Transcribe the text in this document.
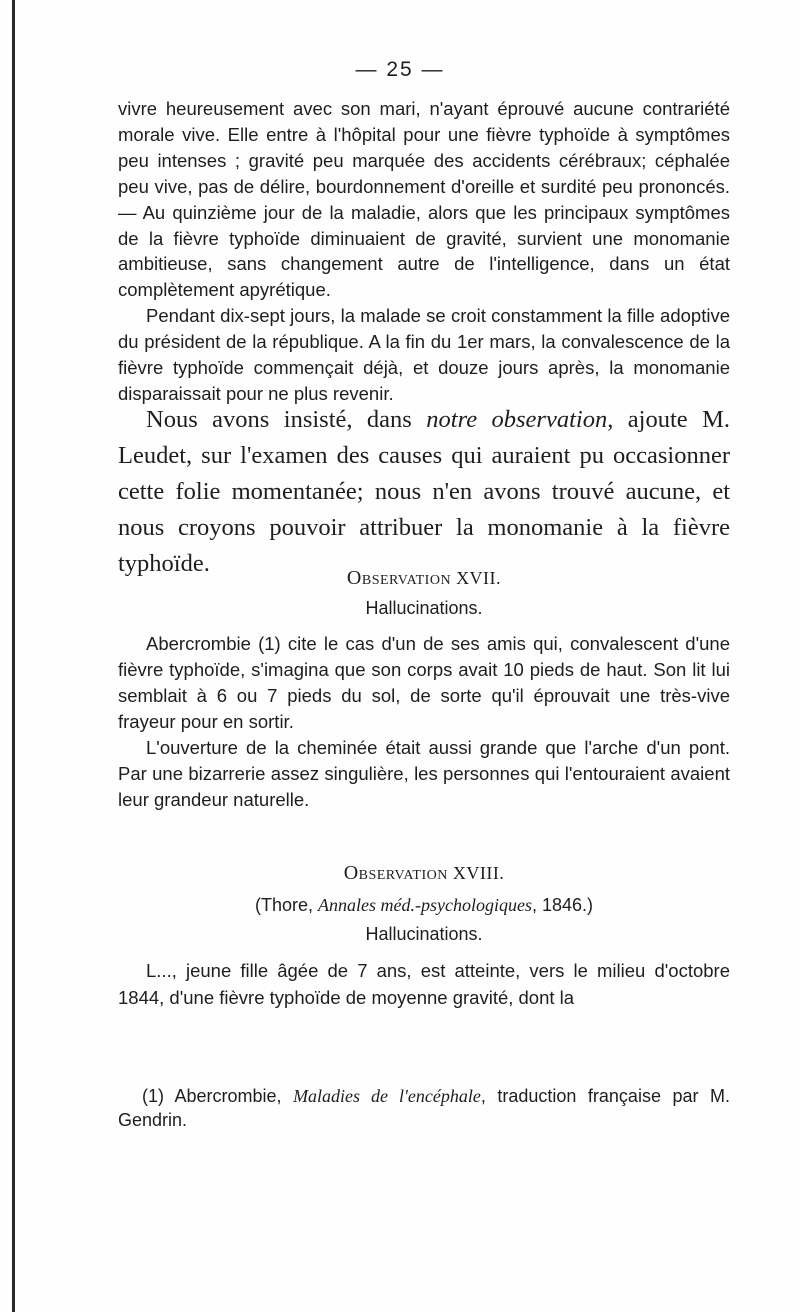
— 25 —

vivre heureusement avec son mari, n'ayant éprouvé aucune contrariété morale vive. Elle entre à l'hôpital pour une fièvre typhoïde à symptômes peu intenses ; gravité peu marquée des accidents cérébraux; céphalée peu vive, pas de délire, bourdonnement d'oreille et surdité peu prononcés. — Au quinzième jour de la maladie, alors que les principaux symptômes de la fièvre typhoïde diminuaient de gravité, survient une monomanie ambitieuse, sans changement autre de l'intelligence, dans un état complètement apyrétique.

Pendant dix-sept jours, la malade se croit constamment la fille adoptive du président de la république. A la fin du 1er mars, la convalescence de la fièvre typhoïde commençait déjà, et douze jours après, la monomanie disparaissait pour ne plus revenir.

Nous avons insisté, dans notre observation, ajoute M. Leudet, sur l'examen des causes qui auraient pu occasionner cette folie momentanée; nous n'en avons trouvé aucune, et nous croyons pouvoir attribuer la monomanie à la fièvre typhoïde.

Observation XVII.

Hallucinations.

Abercrombie (1) cite le cas d'un de ses amis qui, convalescent d'une fièvre typhoïde, s'imagina que son corps avait 10 pieds de haut. Son lit lui semblait à 6 ou 7 pieds du sol, de sorte qu'il éprouvait une très-vive frayeur pour en sortir.

L'ouverture de la cheminée était aussi grande que l'arche d'un pont. Par une bizarrerie assez singulière, les personnes qui l'entouraient avaient leur grandeur naturelle.

Observation XVIII.

(Thore, Annales méd.-psychologiques, 1846.)

Hallucinations.

L..., jeune fille âgée de 7 ans, est atteinte, vers le milieu d'octobre 1844, d'une fièvre typhoïde de moyenne gravité, dont la

(1) Abercrombie, Maladies de l'encéphale, traduction française par M. Gendrin.
